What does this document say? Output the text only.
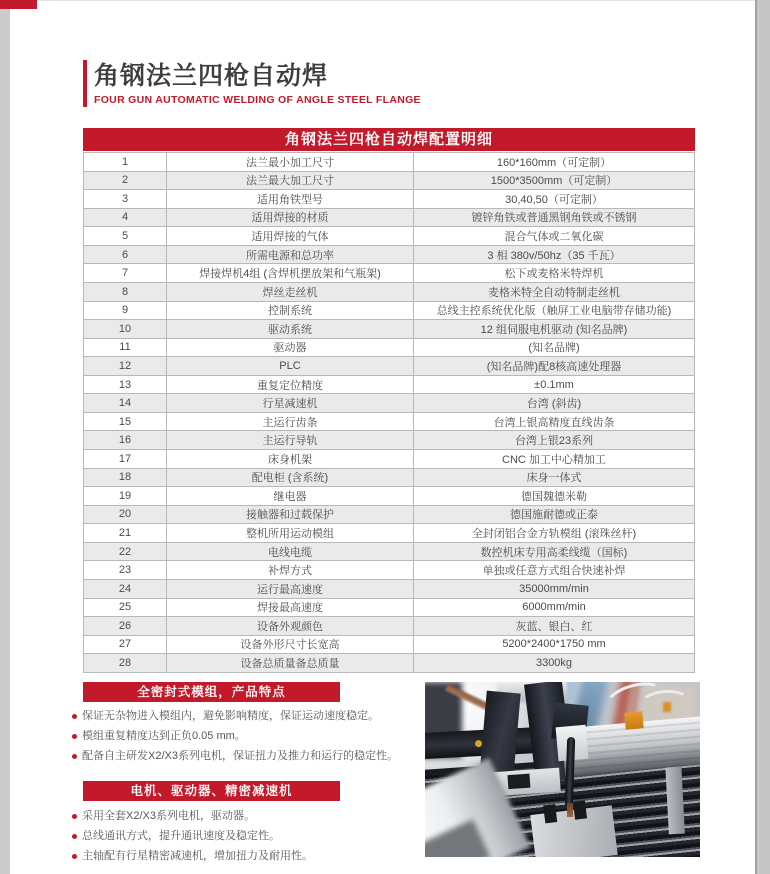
角钢法兰四枪自动焊
FOUR GUN AUTOMATIC WELDING OF ANGLE STEEL FLANGE
角钢法兰四枪自动焊配置明细
1	法兰最小加工尺寸	160*160mm（可定制）
2	法兰最大加工尺寸	1500*3500mm（可定制）
3	适用角铁型号	30,40,50（可定制）
4	适用焊接的材质	镀锌角铁或普通黑钢角铁或不锈钢
5	适用焊接的气体	混合气体或二氧化碳
6	所需电源和总功率	3 相 380v/50hz（35 千瓦）
7	焊接焊机4组 (含焊机摆放架和气瓶架)	松下或麦格米特焊机
8	焊丝走丝机	麦格米特全自动特制走丝机
9	控制系统	总线主控系统优化版（触屏工业电脑带存储功能)
10	驱动系统	12 组伺服电机驱动 (知名品牌)
11	驱动器	(知名品牌)
12	PLC	(知名品牌)配8核高速处理器
13	重复定位精度	±0.1mm
14	行星减速机	台湾 (斜齿)
15	主运行齿条	台湾上银高精度直线齿条
16	主运行导轨	台湾上银23系列
17	床身机架	CNC 加工中心精加工
18	配电柜 (含系统)	床身一体式
19	继电器	德国魏德米勒
20	接触器和过载保护	德国施耐德或正泰
21	整机所用运动模组	全封闭铝合金方轨模组 (滚珠丝杆)
22	电线电缆	数控机床专用高柔线缆（国标)
23	补焊方式	单独或任意方式组合快速补焊
24	运行最高速度	35000mm/min
25	焊接最高速度	6000mm/min
26	设备外观颜色	灰蓝、银白、红
27	设备外形尺寸长宽高	5200*2400*1750 mm
28	设备总质量备总质量	3300kg
全密封式模组，产品特点
保证无杂物进入模组内，避免影响精度，保证运动速度稳定。
模组重复精度达到正负0.05 mm。
配备自主研发X2/X3系列电机，保证扭力及推力和运行的稳定性。
电机、驱动器、精密减速机
采用全套X2/X3系列电机，驱动器。
总线通讯方式，提升通讯速度及稳定性。
主轴配有行星精密减速机，增加扭力及耐用性。
